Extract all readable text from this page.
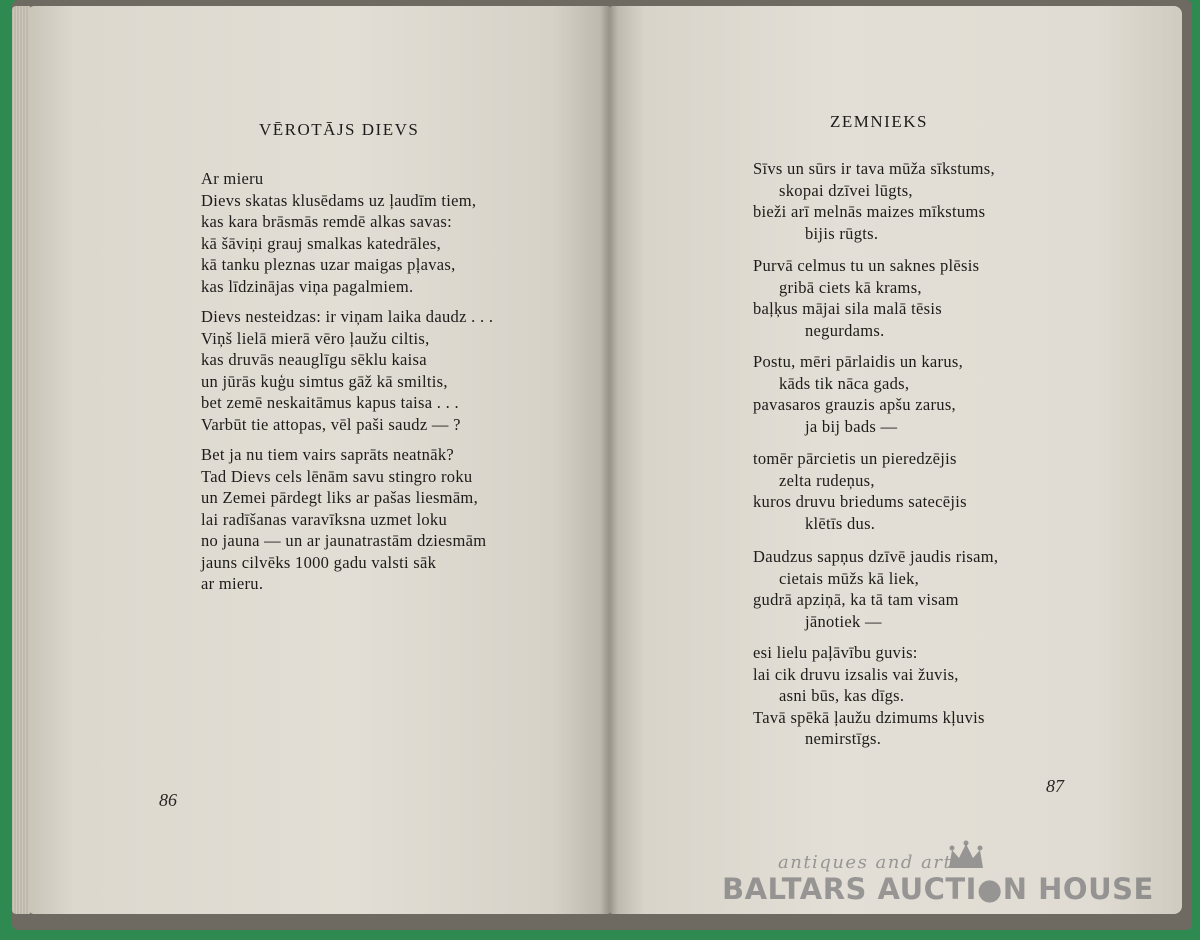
VĒROTĀJS DIEVS
Ar mieru
Dievs skatas klusēdams uz ļaudīm tiem,
kas kara brāsmās remdē alkas savas:
kā šāviņi grauj smalkas katedrāles,
kā tanku pleznas uzar maigas pļavas,
kas līdzinājas viņa pagalmiem.
Dievs nesteidzas: ir viņam laika daudz . . .
Viņš lielā mierā vēro ļaužu ciltis,
kas druvās neauglīgu sēklu kaisa
un jūrās kuģu simtus gāž kā smiltis,
bet zemē neskaitāmus kapus taisa . . .
Varbūt tie attopas, vēl paši saudz — ?
Bet ja nu tiem vairs saprāts neatnāk?
Tad Dievs cels lēnām savu stingro roku
un Zemei pārdegt liks ar pašas liesmām,
lai radīšanas varavīksna uzmet loku
no jauna — un ar jaunatrastām dziesmām
jauns cilvēks 1000 gadu valsti sāk
ar mieru.
86
ZEMNIEKS
Sīvs un sūrs ir tava mūža sīkstums,
skopai dzīvei lūgts,
bieži arī melnās maizes mīkstums
bijis rūgts.
Purvā celmus tu un saknes plēsis
gribā ciets kā krams,
baļķus mājai sila malā tēsis
negurdams.
Postu, mēri pārlaidis un karus,
kāds tik nāca gads,
pavasaros grauzis apšu zarus,
ja bij bads —
tomēr pārcietis un pieredzējis
zelta rudeņus,
kuros druvu briedums satecējis
klētīs dus.
Daudzus sapņus dzīvē jaudis risam,
cietais mūžs kā liek,
gudrā apziņā, ka tā tam visam
jānotiek —
esi lielu paļāvību guvis:
lai cik druvu izsalis vai žuvis,
asni būs, kas dīgs.
Tavā spēkā ļaužu dzimums kļuvis
nemirstīgs.
87
antiques and art
BALTARS AUCTI●N HOUSE
